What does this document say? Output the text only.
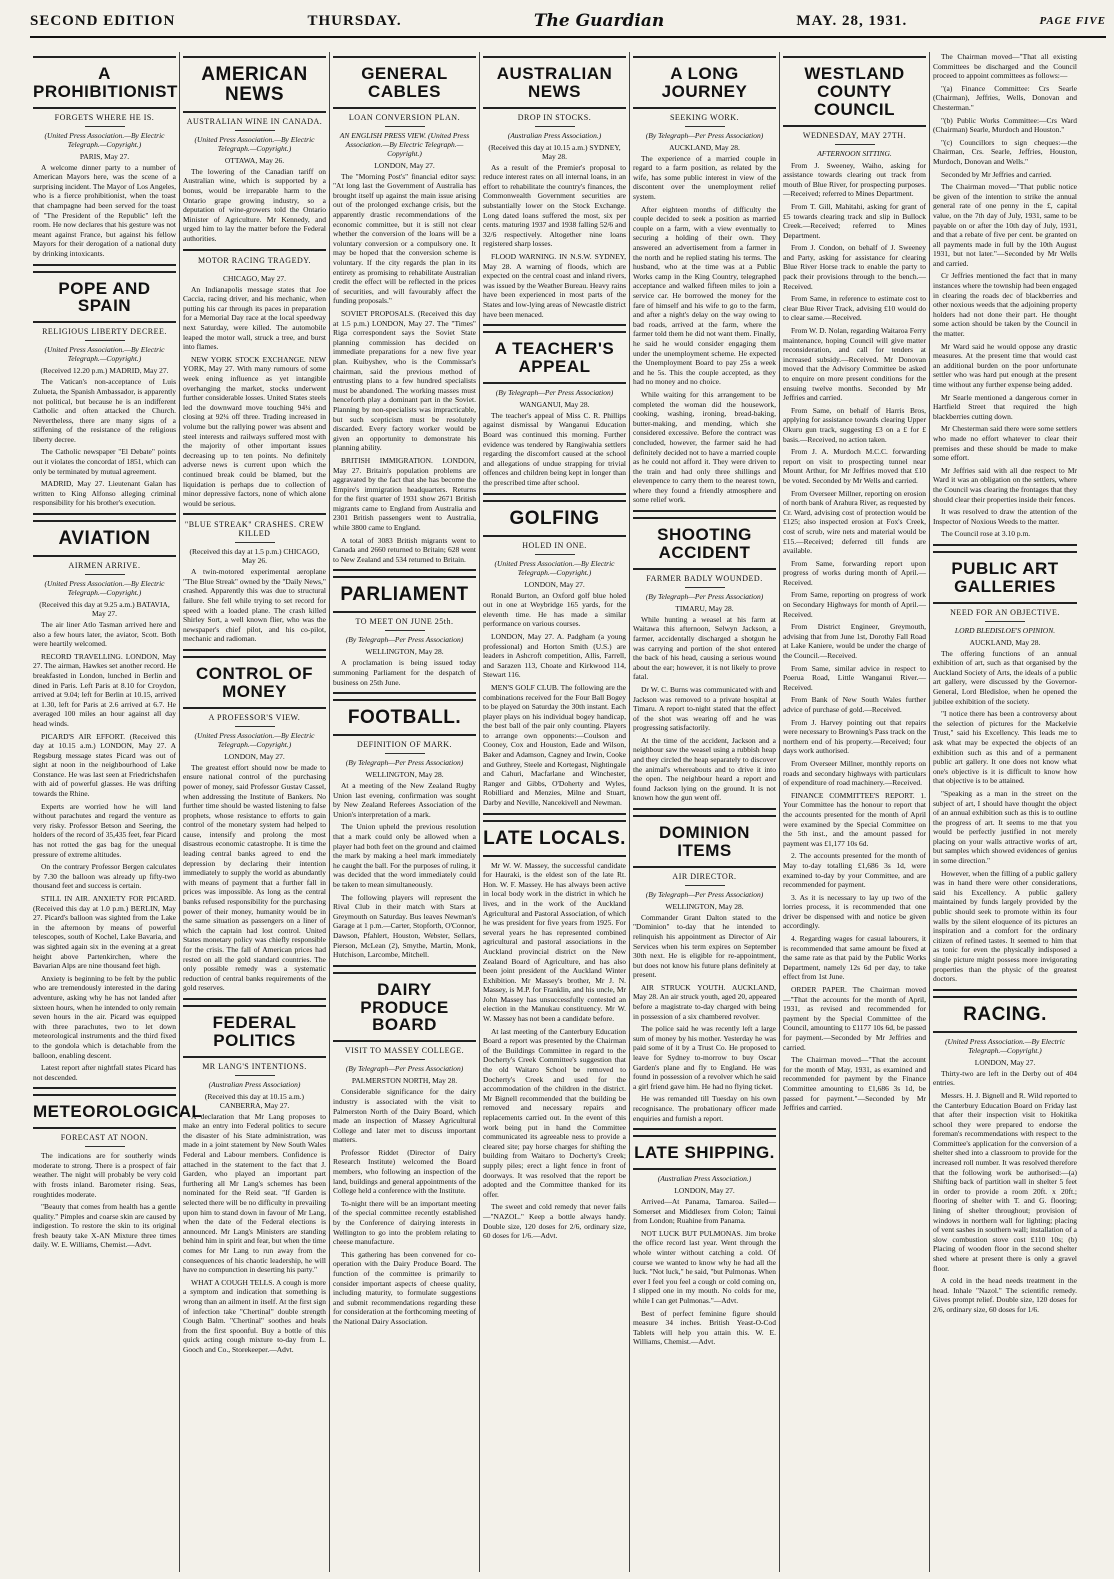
SECOND EDITION	THURSDAY.	The Guardian	MAY. 28, 1931.	PAGE FIVE
A PROHIBITIONIST
FORGETS WHERE HE IS.
(United Press Association.—By Electric Telegraph.—Copyright.)
PARIS, May 27.

A welcome dinner party to a number of American Mayors here, was the scene of a surprising incident. The Mayor of Los Angeles, who is a fierce prohibitionist, when the toast that champagne had been served for the toast of "The President of the Republic" left the room. He now declares that his gesture was not meant against France, but against his fellow Mayors for their derogation of a national duty by drinking intoxicants.

POPE AND SPAIN
RELIGIOUS LIBERTY DECREE.
(United Press Association.—By Electric Telegraph.—Copyright.)
(Received 12.20 p.m.) MADRID, May 27.

The Vatican's non-acceptance of Luis Zulueta, the Spanish Ambassador, is apparently not political, but because he is an indifferent Catholic and often attacked the Church. Nevertheless, there are many signs of a stiffening of the resistance of the religious liberty decree.

The Catholic newspaper "El Debate" points out it violates the concordat of 1851, which can only be terminated by mutual agreement.

MADRID, May 27. Lieutenant Galan has written to King Alfonso alleging criminal responsibility for his brother's execution.

AVIATION
AIRMEN ARRIVE.
(United Press Association.—By Electric Telegraph.—Copyright.)
(Received this day at 9.25 a.m.) BATAVIA, May 27.

The air liner Atlo Tasman arrived here and also a few hours later, the aviator, Scott. Both were heartily welcomed.

RECORD TRAVELLING. LONDON, May 27. The airman, Hawkes set another record. He breakfasted in London, lunched in Berlin and dined in Paris. Left Paris at 8.10 for Croydon, arrived at 9.04; left for Berlin at 10.15, arrived at 1.30, left for Paris at 2.6 arrived at 6.7. He averaged 100 miles an hour against all day head winds.

PICARD'S AIR EFFORT. (Received this day at 10.15 a.m.) LONDON, May 27. A Regsburg message states Picard was out of sight at noon in the neighbourhood of Lake Constance. He was last seen at Friedrichshafen with aid of powerful glasses. He was drifting towards the Rhine.

Experts are worried how he will land without parachutes and regard the venture as very risky. Professor Betson and Seering, the holders of the record of 35,435 feet, fear Picard has not rotted the gas bag for the unequal pressure of extreme altitudes.

On the contrary Professor Bergen calculates by 7.30 the balloon was already up fifty-two thousand feet and success is certain.

STILL IN AIR. ANXIETY FOR PICARD. (Received this day at 1.0 p.m.) BERLIN, May 27. Picard's balloon was sighted from the Lake in the afternoon by means of powerful telescopes, south of Kochel, Lake Bavaria, and was sighted again six in the evening at a great height above Partenkirchen, where the Bavarian Alps are nine thousand feet high.

Anxiety is beginning to be felt by the public who are tremendously interested in the daring adventure, asking why he has not landed after sixteen hours, when he intended to only remain seven hours in the air. Picard was equipped with three parachutes, two to let down meteorological instruments and the third fixed to the gondola which is detachable from the balloon, enabling descent.

Latest report after nightfall states Picard has not descended.

METEOROLOGICAL
FORECAST AT NOON.

The indications are for southerly winds moderate to strong. There is a prospect of fair weather. The night will probably be very cold with frosts inland. Barometer rising. Seas, roughtides moderate.

"Beauty that comes from health has a gentle quality." Pimples and coarse skin are caused by indigestion. To restore the skin to its original fresh beauty take X-AN Mixture three times daily. W. E. Williams, Chemist.—Advt.

AMERICAN NEWS
AUSTRALIAN WINE IN CANADA.
(United Press Association.—By Electric Telegraph.—Copyright.)
OTTAWA, May 26.

The lowering of the Canadian tariff on Australian wine, which is supported by a bonus, would be irreparable harm to the Ontario grape growing industry, so a deputation of wine-growers told the Ontario Minister of Agriculture. Mr Kennedy, and urged him to lay the matter before the Federal authorities.

MOTOR RACING TRAGEDY.
CHICAGO, May 27.

An Indianapolis message states that Joe Caccia, racing driver, and his mechanic, when putting his car through its paces in preparation for a Memorial Day race at the local speedway next Saturday, were killed. The automobile leaped the motor wall, struck a tree, and burst into flames.

NEW YORK STOCK EXCHANGE. NEW YORK, May 27. With many rumours of some week ening influence as yet intangible overhanging the market, stocks underwent further considerable losses. United States steels led the downward move touching 94¼ and closing at 92¼ off three. Trading increased in volume but the rallying power was absent and steel interests and railways suffered most with the majority of other important issues decreasing up to ten points. No definitely adverse news is current upon which the continued break could be blamed, but the liquidation is perhaps due to collection of minor depressive factors, none of which alone would be serious.

"BLUE STREAK" CRASHES. CREW KILLED
(Received this day at 1.5 p.m.) CHICAGO, May 26.

A twin-motored experimental aeroplane "The Blue Streak" owned by the "Daily News," crashed. Apparently this was due to structural failure. She fell while trying to set record for speed with a loaded plane. The crash killed Shirley Sort, a well known flier, who was the newspaper's chief pilot, and his co-pilot, mechanic and radioman.

CONTROL OF MONEY
A PROFESSOR'S VIEW.
(United Press Association.—By Electric Telegraph.—Copyright.)
LONDON, May 27.

The greatest effort should now be made to ensure national control of the purchasing power of money, said Professor Gustav Cassel, when addressing the Institute of Bankers. No further time should be wasted listening to false prophets, whose resistance to efforts to gain control of the monetary system had helped to cause, intensify and prolong the most disastrous economic catastrophe. It is time the leading central banks agreed to end the depression by declaring their intention immediately to supply the world as abundantly with means of payment that a further fall in prices was impossible. As long as the central banks refused responsibility for the purchasing power of their money, humanity would be in the same situation as passengers on a liner of which the captain had lost control. United States monetary policy was chiefly responsible for the crisis. The fall of American prices had rested on all the gold standard countries. The only possible remedy was a systematic reduction of central banks requirements of the gold reserves.

FEDERAL POLITICS
MR LANG'S INTENTIONS.
(Australian Press Association)
(Received this day at 10.15 a.m.) CANBERRA, May 27.

A declaration that Mr Lang proposes to make an entry into Federal politics to secure the disaster of his State administration, was made in a joint statement by New South Wales Federal and Labour members. Confidence is attached in the statement to the fact that J. Garden, who played an important part furthering all Mr Lang's schemes has been nominated for the Reid seat. "If Garden is selected there will be no difficulty in prevailing upon him to stand down in favour of Mr Lang, when the date of the Federal elections is announced. Mr Lang's Ministers are standing behind him in spirit and fear, but when the time comes for Mr Lang to run away from the consequences of his chaotic leadership, he will have no compunction in deserting his party."

WHAT A COUGH TELLS. A cough is more a symptom and indication that something is wrong than an ailment in itself. At the first sign of infection take "Chertinal" double strength Cough Balm. "Chertinal" soothes and heals from the first spoonful. Buy a bottle of this quick acting cough mixture to-day from L. Gooch and Co., Storekeeper.—Advt.

GENERAL CABLES
LOAN CONVERSION PLAN.
AN ENGLISH PRESS VIEW. (United Press Association.—By Electric Telegraph.—Copyright.)
LONDON, May 27.

The "Morning Post's" financial editor says: "At long last the Government of Australia has brought itself up against the main issue arising out of the prolonged exchange crisis, but the apparently drastic recommendations of the economic committee, but it is still not clear whether the conversion of the loans will be a voluntary conversion or a compulsory one. It may be hoped that the conversion scheme is voluntary. If the city regards the plan in its entirety as promising to rehabilitate Australian credit the effect will be reflected in the prices of securities, and will favourably affect the funding proposals."

SOVIET PROPOSALS. (Received this day at 1.5 p.m.) LONDON, May 27. The "Times" Riga correspondent says the Soviet State planning commission has decided on immediate preparations for a new five year plan. Kuibyshev, who is the Commissar's chairman, said the previous method of entrusting plans to a few hundred specialists must be abandoned. The working masses must henceforth play a dominant part in the Soviet. Planning by non-specialists was impracticable, but such scepticism must be resolutely discarded. Every factory worker would be given an opportunity to demonstrate his planning ability.

BRITISH IMMIGRATION. LONDON, May 27. Britain's population problems are aggravated by the fact that she has become the Empire's immigration headquarters. Returns for the first quarter of 1931 show 2671 British migrants came to England from Australia and 2301 British passengers went to Australia, while 3800 came to England.

A total of 3083 British migrants went to Canada and 2660 returned to Britain; 628 went to New Zealand and 534 returned to Britain.

PARLIAMENT
TO MEET ON JUNE 25th.
(By Telegraph—Per Press Association)
WELLINGTON, May 28.

A proclamation is being issued today summoning Parliament for the despatch of business on 25th June.

FOOTBALL.
DEFINITION OF MARK.
(By Telegraph—Per Press Association)
WELLINGTON, May 28.

At a meeting of the New Zealand Rugby Union last evening, confirmation was sought by New Zealand Referees Association of the Union's interpretation of a mark.

The Union upheld the previous resolution that a mark could only be allowed when a player had both feet on the ground and claimed the mark by making a heel mark immediately he caught the ball. For the purposes of ruling, it was decided that the word immediately could be taken to mean simultaneously.

The following players will represent the Rival Club in their match with Stars at Greymouth on Saturday. Bus leaves Newman's Garage at 1 p.m.—Carter, Stopforth, O'Connor, Dawson, Pfahlert, Houston, Webster, Sellars, Pierson, McLean (2), Smythe, Martin, Monk, Hutchison, Larcombe, Mitchell.

DAIRY PRODUCE BOARD
VISIT TO MASSEY COLLEGE.
(By Telegraph—Per Press Association)
PALMERSTON NORTH, May 28.

Considerable significance for the dairy industry is associated with the visit to Palmerston North of the Dairy Board, which made an inspection of Massey Agricultural College and later met to discuss important matters.

Professor Riddet (Director of Dairy Research Institute) welcomed the Board members, who following an inspection of the land, buildings and general appointments of the College held a conference with the Institute.

To-night there will be an important meeting of the special committee recently established by the Conference of dairying interests in Wellington to go into the problem relating to cheese manufacture.

This gathering has been convened for co-operation with the Dairy Produce Board. The function of the committee is primarily to consider important aspects of cheese quality, including maturity, to formulate suggestions and submit recommendations regarding these for consideration at the forthcoming meeting of the National Dairy Association.

AUSTRALIAN NEWS
DROP IN STOCKS.
(Australian Press Association.)
(Received this day at 10.15 a.m.) SYDNEY, May 28.

As a result of the Premier's proposal to reduce interest rates on all internal loans, in an effort to rehabilitate the country's finances, the Commonwealth Government securities are substantially lower on the Stock Exchange. Long dated loans suffered the most, six per cents. maturing 1937 and 1938 falling 52/6 and 32/6 respectively. Altogether nine loans registered sharp losses.

FLOOD WARNING. IN N.S.W. SYDNEY, May 28. A warning of floods, which are expected on the central coast and inland rivers, was issued by the Weather Bureau. Heavy rains have been experienced in most parts of the States and low-lying areas of Newcastle district have been menaced.

A TEACHER'S APPEAL
(By Telegraph—Per Press Association)
WANGANUI, May 28.

The teacher's appeal of Miss C. R. Phillips against dismissal by Wanganui Education Board was continued this morning. Further evidence was tendered by Rangiwahia settlers regarding the discomfort caused at the school and allegations of undue strapping for trivial offences and children being kept in longer than the prescribed time after school.

GOLFING
HOLED IN ONE.
(United Press Association.—By Electric Telegraph.—Copyright.)
LONDON, May 27.

Ronald Burton, an Oxford golf blue holed out in one at Weybridge 165 yards, for the eleventh time. He has made a similar performance on various courses.

LONDON, May 27. A. Padgham (a young professional) and Horton Smith (U.S.) are leaders in Ashcroft competition, Allis, Farrell, and Sarazen 113, Choate and Kirkwood 114, Stewart 116.

MEN'S GOLF CLUB. The following are the combinations received for the Four Ball Bogey to be played on Saturday the 30th instant. Each player plays on his individual bogey handicap, the best ball of the pair only counting. Players to arrange own opponents:—Coulson and Cooney, Cox and Houston, Eade and Wilson, Baker and Adamson, Cagney and Irwin, Cooke and Guthrey, Steele and Kortegast, Nightingale and Cahuri, Macfarlane and Winchester, Ranger and Gibbs, O'Doherty and Wyles, Robilliard and Menzies, Milne and Stuart, Darby and Neville, Nancekivell and Newman.

LATE LOCALS.

Mr W. W. Massey, the successful candidate for Hauraki, is the eldest son of the late Rt. Hon. W. F. Massey. He has always been active in local body work in the district in which he lives, and in the work of the Auckland Agricultural and Pastoral Association, of which he was president for five years from 1925. For several years he has represented combined agricultural and pastoral associations in the Auckland provincial district on the New Zealand Board of Agriculture, and has also been joint president of the Auckland Winter Exhibition. Mr Massey's brother, Mr J. N. Massey, is M.P. for Franklin, and his uncle, Mr John Massey has unsuccessfully contested an election in the Manukau constituency. Mr W. W. Massey has not been a candidate before.

At last meeting of the Canterbury Education Board a report was presented by the Chairman of the Buildings Committee in regard to the Docherty's Creek Committee's suggestion that the old Waitaro School be removed to Docherty's Creek and used for the accommodation of the children in the district. Mr Bignell recommended that the building be removed and necessary repairs and replacements carried out. In the event of this work being put in hand the Committee communicated its agreeable ness to provide a cleared site; pay horse charges for shifting the building from Waitaro to Docherty's Creek; supply piles; erect a light fence in front of doorways. It was resolved that the report be adopted and the Committee thanked for its offer.

The sweet and cold remedy that never fails—"NAZOL." Keep a bottle always handy. Double size, 120 doses for 2/6, ordinary size, 60 doses for 1/6.—Advt.

A LONG JOURNEY
SEEKING WORK.
(By Telegraph—Per Press Association)
AUCKLAND, May 28.

The experience of a married couple in regard to a farm position, as related by the wife, has some public interest in view of the discontent over the unemployment relief system.

After eighteen months of difficulty the couple decided to seek a position as married couple on a farm, with a view eventually to securing a holding of their own. They answered an advertisement from a farmer in the north and he replied stating his terms. The husband, who at the time was at a Public Works camp in the King Country, telegraphed acceptance and walked fifteen miles to join a service car. He borrowed the money for the fare of himself and his wife to go to the farm, and after a night's delay on the way owing to bad roads, arrived at the farm, where the farmer told them he did not want them. Finally, he said he would consider engaging them under the unemployment scheme. He expected the Unemployment Board to pay 25s a week and he 5s. This the couple accepted, as they had no money and no choice.

While waiting for this arrangement to be completed the woman did the housework, cooking, washing, ironing, bread-baking, butter-making, and mending, which she considered excessive. Before the contract was concluded, however, the farmer said he had definitely decided not to have a married couple as he could not afford it. They were driven to the train and had only three shillings and elevenpence to carry them to the nearest town, where they found a friendly atmosphere and some relief work.

SHOOTING ACCIDENT
FARMER BADLY WOUNDED.
(By Telegraph—Per Press Association)
TIMARU, May 28.

While hunting a weasel at his farm at Waitawa this afternoon, Selwyn Jackson, a farmer, accidentally discharged a shotgun he was carrying and portion of the shot entered the back of his head, causing a serious wound about the ear; however, it is not likely to prove fatal.

Dr W. C. Burns was communicated with and Jackson was removed to a private hospital at Timaru. A report to-night stated that the effect of the shot was wearing off and he was progressing satisfactorily.

At the time of the accident, Jackson and a neighbour saw the weasel using a rubbish heap and they circled the heap separately to discover the animal's whereabouts and to drive it into the open. The neighbour heard a report and found Jackson lying on the ground. It is not known how the gun went off.

DOMINION ITEMS
AIR DIRECTOR.
(By Telegraph—Per Press Association)
WELLINGTON, May 28.

Commander Grant Dalton stated to the "Dominion" to-day that he intended to relinquish his appointment as Director of Air Services when his term expires on September 30th next. He is eligible for re-appointment, but does not know his future plans definitely at present.

AIR STRUCK YOUTH. AUCKLAND, May 28. An air struck youth, aged 20, appeared before a magistrate to-day charged with being in possession of a six chambered revolver.

The police said he was recently left a large sum of money by his mother. Yesterday he was paid some of it by a Trust Co. He proposed to leave for Sydney to-morrow to buy Oscar Garden's plane and fly to England. He was found in possession of a revolver which he said a girl friend gave him. He had no flying ticket.

He was remanded till Tuesday on his own recognisance. The probationary officer made enquiries and furnish a report.

LATE SHIPPING.
(Australian Press Association.)
LONDON, May 27.

Arrived—At Panama, Tamaroa. Sailed—Somerset and Middlesex from Colon; Tainui from London; Ruahine from Panama.

NOT LUCK BUT PULMONAS. Jim broke the office record last year. Went through the whole winter without catching a cold. Of course we wanted to know why he had all the luck. "Not luck," he said, "but Pulmonas. When ever I feel you feel a cough or cold coming on, I slipped one in my mouth. No colds for me, while I can get Pulmonas."—Advt.

Best of perfect feminine figure should measure 34 inches. British Yeast-O-Cod Tablets will help you attain this. W. E. Williams, Chemist.—Advt.

WESTLAND COUNTY COUNCIL
WEDNESDAY, MAY 27TH.
AFTERNOON SITTING.

From J. Sweeney, Waiho, asking for assistance towards clearing out track from mouth of Blue River, for prospecting purposes.—Received; referred to Mines Department.

From T. Gill, Mahitahi, asking for grant of £5 towards clearing track and slip in Bullock Creek.—Received; referred to Mines Department.

From J. Condon, on behalf of J. Sweeney and Party, asking for assistance for clearing Blue River Horse track to enable the party to pack their provisions through to the bench.—Received.

From Same, in reference to estimate cost to clear Blue River Track, advising £10 would do to clear same.—Received.

From W. D. Nolan, regarding Waitaroa Ferry maintenance, hoping Council will give matter reconsideration, and call for tenders at increased subsidy.—Received. Mr Donovan moved that the Advisory Committee be asked to enquire on more present conditions for the ensuing twelve months. Seconded by Mr Jeffries and carried.

From Same, on behalf of Harris Bros, applying for assistance towards clearing Upper Okuru gun track, suggesting £3 on a £ for £ basis.—Received, no action taken.

From J. A. Murdoch M.C.C. forwarding report on visit to prospecting tunnel near Mount Arthur, for Mr Jeffries moved that £10 be voted. Seconded by Mr Wells and carried.

From Overseer Millner, reporting on erosion of north bank of Arahura River, as requested by Cr. Ward, advising cost of protection would be £125; also inspected erosion at Fox's Creek, cost of scrub, wire nets and material would be £15.—Received; deferred till funds are available.

From Same, forwarding report upon progress of works during month of April.—Received.

From Same, reporting on progress of work on Secondary Highways for month of April.—Received.

From District Engineer, Greymouth, advising that from June 1st, Dorothy Fall Road at Lake Kaniere, would be under the charge of the Council.—Received.

From Same, similar advice in respect to Poerua Road, Little Wanganui River.—Received.

From Bank of New South Wales further advice of purchase of gold.—Received.

From J. Harvey pointing out that repairs were necessary to Browning's Pass track on the northern end of his property.—Received; four days work authorised.

From Overseer Millner, monthly reports on roads and secondary highways with particulars of expenditure of road machinery.—Received.

FINANCE COMMITTEE'S REPORT. 1. Your Committee has the honour to report that the accounts presented for the month of April were examined by the Special Committee on the 5th inst., and the amount passed for payment was £1,177 10s 6d.

2. The accounts presented for the month of May to-day totalling £1,686 3s 1d, were examined to-day by your Committee, and are recommended for payment.

3. As it is necessary to lay up two of the lorries process, it is recommended that one driver be dispensed with and notice be given accordingly.

4. Regarding wages for casual labourers, it is recommended that same amount be fixed at the same rate as that paid by the Public Works Department, namely 12s 6d per day, to take effect from 1st June.

ORDER PAPER. The Chairman moved—"That the accounts for the month of April, 1931, as revised and recommended for payment by the Special Committee of the Council, amounting to £1177 10s 6d, be passed for payment.—Seconded by Mr Jeffries and carried.

The Chairman moved—"That the account for the month of May, 1931, as examined and recommended for payment by the Finance Committee amounting to £1,686 3s 1d, be passed for payment."—Seconded by Mr Jeffries and carried.

The Chairman moved—"That all existing Committees be discharged and the Council proceed to appoint committees as follows:—

"(a) Finance Committee: Crs Searle (Chairman), Jeffries, Wells, Donovan and Chesterman."

"(b) Public Works Committee:—Crs Ward (Chairman) Searle, Murdoch and Houston."

"(c) Councillors to sign cheques:—the Chairman, Crs. Searle, Jeffries, Houston, Murdoch, Donovan and Wells."

Seconded by Mr Jeffries and carried.

The Chairman moved—"That public notice be given of the intention to strike the annual general rate of one penny in the £, capital value, on the 7th day of July, 1931, same to be payable on or after the 10th day of July, 1931, and that a rebate of five per cent. be granted on all payments made in full by the 10th August 1931, but not later."—Seconded by Mr Wells and carried.

Cr Jeffries mentioned the fact that in many instances where the township had been engaged in clearing the roads dec of blackberries and other noxious weeds that the adjoining property holders had not done their part. He thought some action should be taken by the Council in the matter.

Mr Ward said he would oppose any drastic measures. At the present time that would cast an additional burden on the poor unfortunate settler who was hard put enough at the present time without any further expense being added.

Mr Searle mentioned a dangerous corner in Hartfield Street that required the high blackberries cutting down.

Mr Chesterman said there were some settlers who made no effort whatever to clear their premises and these should be made to make some effort.

Mr Jeffries said with all due respect to Mr Ward it was an obligation on the settlers, where the Council was clearing the frontages that they should clear their properties inside their fences.

It was resolved to draw the attention of the Inspector of Noxious Weeds to the matter.

The Council rose at 3.10 p.m.

PUBLIC ART GALLERIES
NEED FOR AN OBJECTIVE.
LORD BLEDISLOE'S OPINION.
AUCKLAND, May 28.

The offering functions of an annual exhibition of art, such as that organised by the Auckland Society of Arts, the ideals of a public art gallery, were discussed by the Governor-General, Lord Bledisloe, when he opened the jubilee exhibition of the society.

"I notice there has been a controversy about the selection of pictures for the Mackelvie Trust," said his Excellency. This leads me to ask what may be expected the objects of an exhibition such as this and of a permanent public art gallery. It one does not know what one's objective is it is difficult to know how that objective is to be attained.

"Speaking as a man in the street on the subject of art, I should have thought the object of an annual exhibition such as this is to outline the progress of art. It seems to me that you would be perfectly justified in not merely placing on your walls attractive works of art, but samples which showed evidences of genius in some direction."

However, when the filling of a public gallery was in hand there were other considerations, said his Excellency. A public gallery maintained by funds largely provided by the public should seek to promote within its four walls by the silent eloquence of its pictures an inspiration and a comfort for the ordinary citizen of refined tastes. It seemed to him that as tonic for even the physically indisposed a single picture might possess more invigorating properties than the physic of the greatest doctors.

RACING.
(United Press Association.—By Electric Telegraph.—Copyright.)
LONDON, May 27.

Thirty-two are left in the Derby out of 404 entries.

Messrs. H. J. Bignell and R. Wild reported to the Canterbury Education Board on Friday last that after their inspection visit to Hokitika school they were prepared to endorse the foreman's recommendations with respect to the Committee's application for the conversion of a shelter shed into a classroom to provide for the increased roll number. It was resolved therefore that the following work be authorised:—(a) Shifting back of partition wall in shelter 5 feet in order to provide a room 20ft. x 20ft.; flooring of shelter with T. and G. flooring; lining of shelter throughout; provision of windows in northern wall for lighting; placing of vent sashes in southern wall; installation of a slow combustion stove cost £110 10s; (b) Placing of wooden floor in the second shelter shed where at present there is only a gravel floor.

A cold in the head needs treatment in the head. Inhale "Nazol." The scientific remedy. Gives prompt relief. Double size, 120 doses for 2/6, ordinary size, 60 doses for 1/6.
